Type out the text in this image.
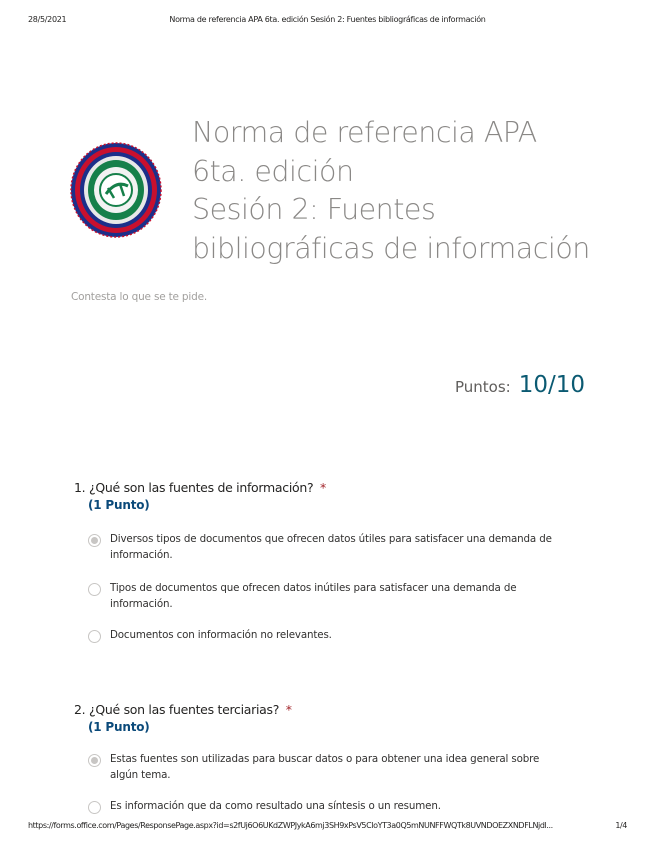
28/5/2021	Norma de referencia APA 6ta. edición Sesión 2: Fuentes bibliográficas de información
Norma de referencia APA
6ta. edición
Sesión 2: Fuentes
bibliográficas de información
Contesta lo que se te pide.
Puntos: 10/10
1. ¿Qué son las fuentes de información? *
(1 Punto)
Diversos tipos de documentos que ofrecen datos útiles para satisfacer una demanda de información.
Tipos de documentos que ofrecen datos inútiles para satisfacer una demanda de información.
Documentos con información no relevantes.
2. ¿Qué son las fuentes terciarias? *
(1 Punto)
Estas fuentes son utilizadas para buscar datos o para obtener una idea general sobre algún tema.
Es información que da como resultado una síntesis o un resumen.
https://forms.office.com/Pages/ResponsePage.aspx?id=s2fUj6O6UKdZWPJykA6mj3SH9xPsV5CloYT3a0Q5mNUNFFWQTk8UVNDOEZXNDFLNjdl...	1/4
